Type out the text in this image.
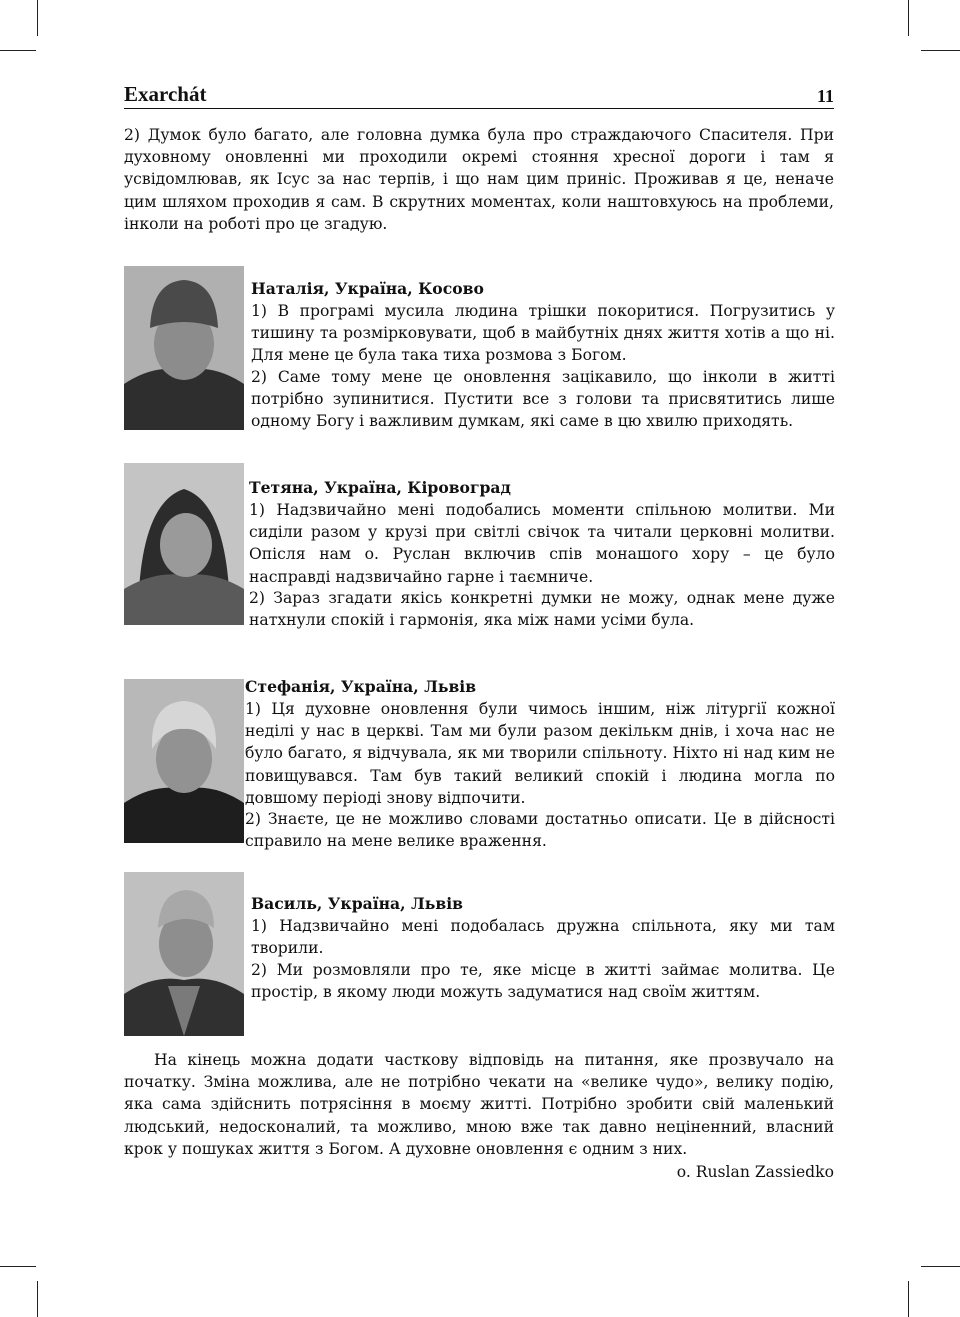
Exarchát	11

2) Думок було багато, але головна думка була про страждаючого Спасителя. При духовному оновленні ми проходили окремі стояння хресної дороги і там я усвідомлював, як Ісус за нас терпів, і що нам цим приніс. Проживав я це, неначе цим шляхом проходив я сам. В скрутних моментах, коли наштовхуюсь на проблеми, інколи на роботі про це згадую.

Наталія, Україна, Косово

1) В програмі мусила людина трішки покоритися. Погрузитись у тишину та розмірковувати, щоб в майбутніх днях життя хотів а що ні. Для мене це була така тиха розмова з Богом.

2) Саме тому мене це оновлення зацікавило, що інколи в житті потрібно зупинитися. Пустити все з голови та присвятитись лише одному Богу і важливим думкам, які саме в цю хвилю приходять.

Тетяна, Україна, Кіровоград

1) Надзвичайно мені подобались моменти спільною молитви. Ми сиділи разом у крузі при світлі свічок та читали церковні молитви. Опісля нам о. Руслан включив спів монашого хору – це було насправді надзвичайно гарне і таємниче.

2) Зараз згадати якісь конкретні думки не можу, однак мене дуже натхнули спокій і гармонія, яка між нами усіми була.

Стефанія, Україна, Львів

1) Ця духовне оновлення були чимось іншим, ніж літургії кожної неділі у нас в церкві. Там ми були разом декількм днів, і хоча нас не було багато, я відчувала, як ми творили спільноту. Ніхто ні над ким не повищувався. Там був такий великий спокій і людина могла по довшому періоді знову відпочити.

2) Знаєте, це не можливо словами достатньо описати. Це в дійсності справило на мене велике враження.

Василь, Україна, Львів

1) Надзвичайно мені подобалась дружна спільнота, яку ми там творили.

2) Ми розмовляли про те, яке місце в житті займає молитва. Це простір, в якому люди можуть задуматися над своїм життям.

На кінець можна додати часткову відповідь на питання, яке прозвучало на початку. Зміна можлива, але не потрібно чекати на «велике чудо», велику подію, яка сама здійснить потрясіння в моєму житті. Потрібно зробити свій маленький людський, недосконалий, та можливо, мною вже так давно неціненний, власний крок у пошуках життя з Богом. А духовне оновлення є одним з них.

o. Ruslan Zassiedko
